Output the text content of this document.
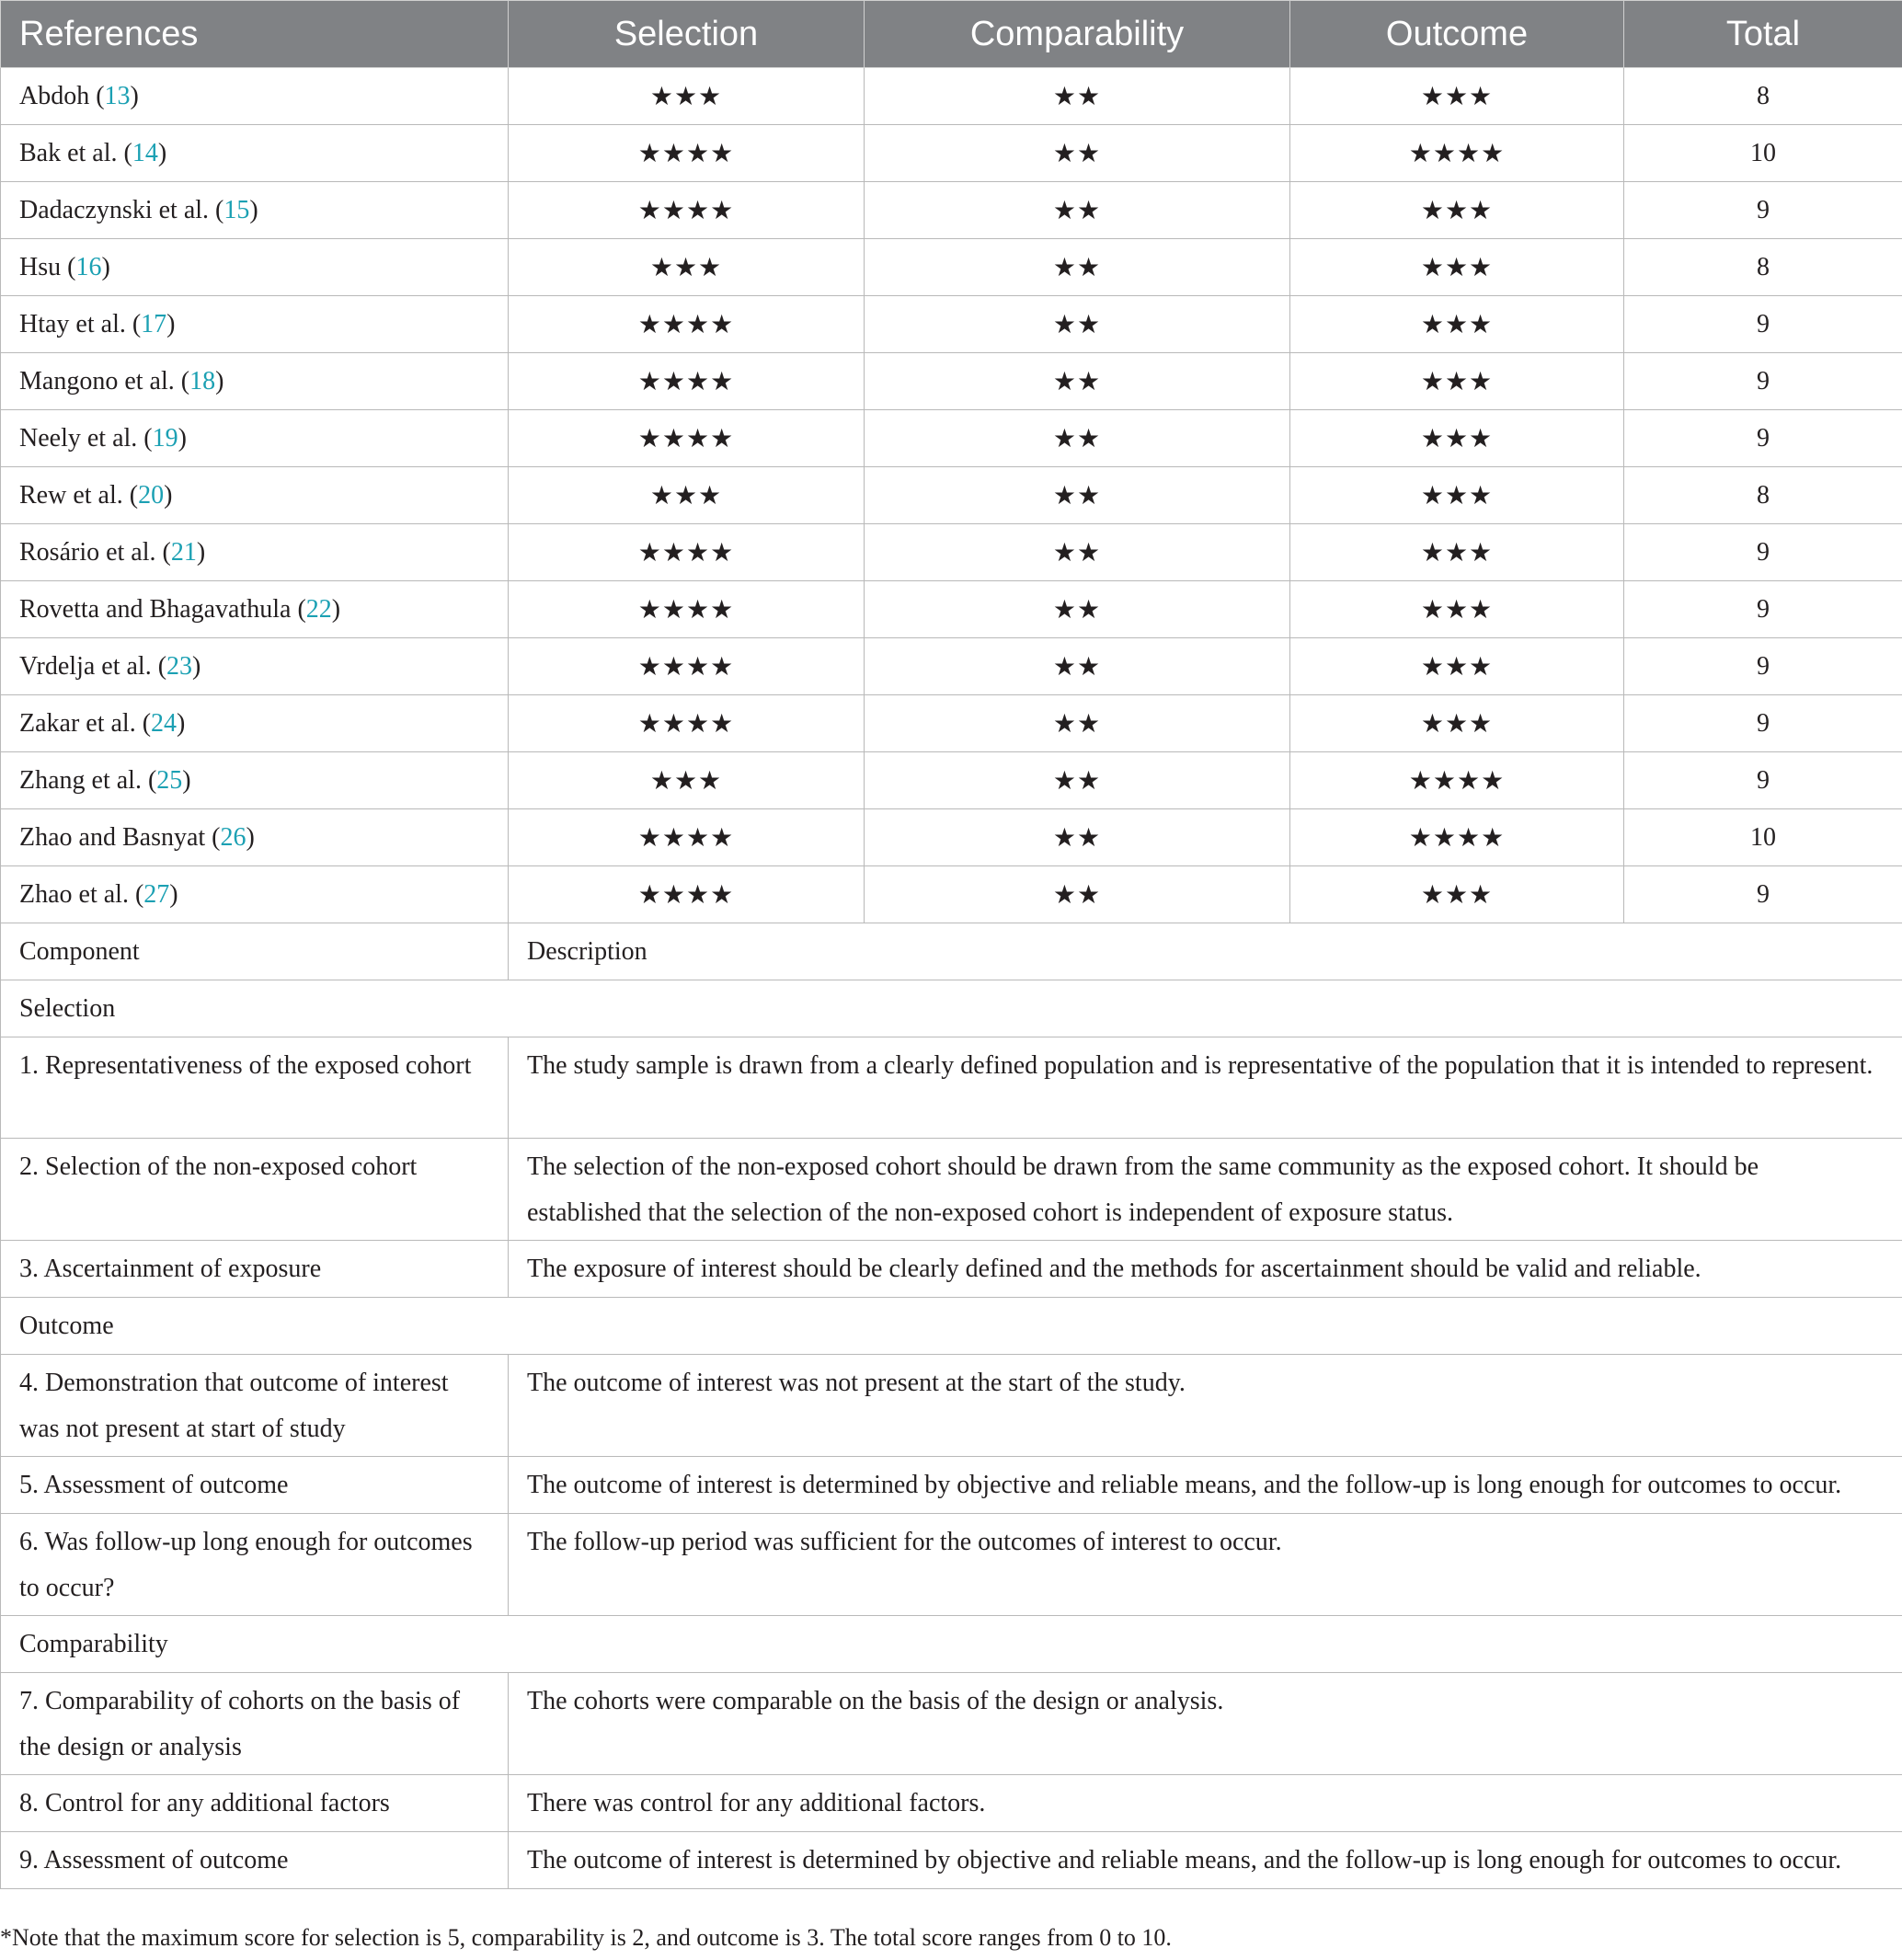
References	Selection	Comparability	Outcome	Total
Abdoh (13)	★★★	★★	★★★	8
Bak et al. (14)	★★★★	★★	★★★★	10
Dadaczynski et al. (15)	★★★★	★★	★★★	9
Hsu (16)	★★★	★★	★★★	8
Htay et al. (17)	★★★★	★★	★★★	9
Mangono et al. (18)	★★★★	★★	★★★	9
Neely et al. (19)	★★★★	★★	★★★	9
Rew et al. (20)	★★★	★★	★★★	8
Rosário et al. (21)	★★★★	★★	★★★	9
Rovetta and Bhagavathula (22)	★★★★	★★	★★★	9
Vrdelja et al. (23)	★★★★	★★	★★★	9
Zakar et al. (24)	★★★★	★★	★★★	9
Zhang et al. (25)	★★★	★★	★★★★	9
Zhao and Basnyat (26)	★★★★	★★	★★★★	10
Zhao et al. (27)	★★★★	★★	★★★	9
Component	Description			
Selection				
1. Representativeness of the exposed cohort	The study sample is drawn from a clearly defined population and is representative of the population that it is intended to represent.			
2. Selection of the non-exposed cohort	The selection of the non-exposed cohort should be drawn from the same community as the exposed cohort. It should be established that the selection of the non-exposed cohort is independent of exposure status.			
3. Ascertainment of exposure	The exposure of interest should be clearly defined and the methods for ascertainment should be valid and reliable.			
Outcome				
4. Demonstration that outcome of interest was not present at start of study	The outcome of interest was not present at the start of the study.			
5. Assessment of outcome	The outcome of interest is determined by objective and reliable means, and the follow-up is long enough for outcomes to occur.			
6. Was follow-up long enough for outcomes to occur?	The follow-up period was sufficient for the outcomes of interest to occur.			
Comparability				
7. Comparability of cohorts on the basis of the design or analysis	The cohorts were comparable on the basis of the design or analysis.			
8. Control for any additional factors	There was control for any additional factors.			
9. Assessment of outcome	The outcome of interest is determined by objective and reliable means, and the follow-up is long enough for outcomes to occur.			
*Note that the maximum score for selection is 5, comparability is 2, and outcome is 3. The total score ranges from 0 to 10.
